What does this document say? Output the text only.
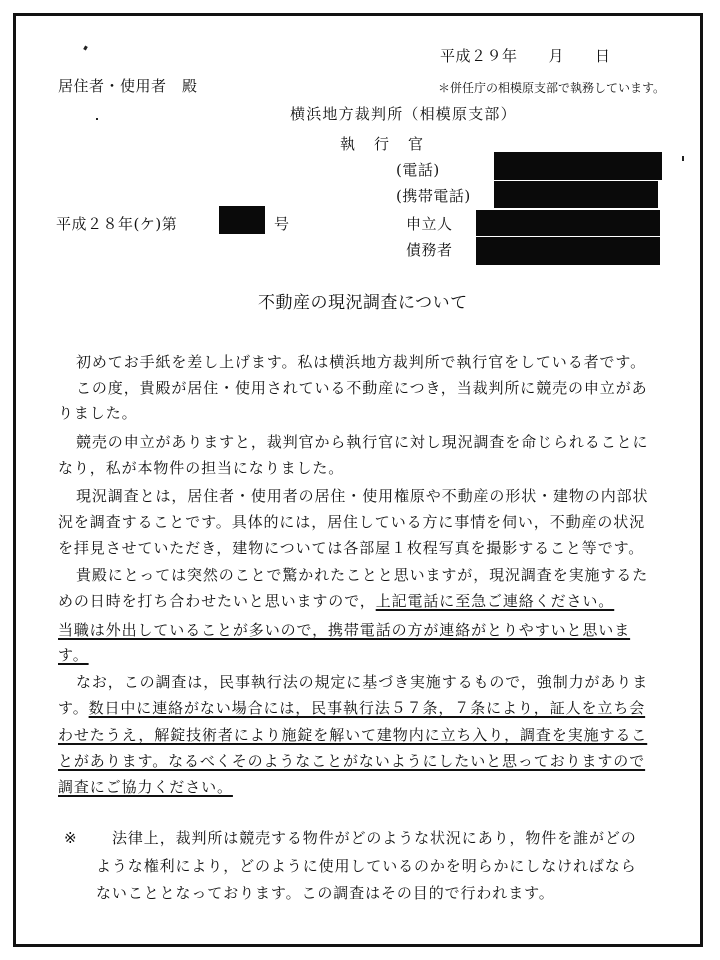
平成２９年　　月　　日
居住者・使用者　殿	＊併任庁の相模原支部で執務しています。
横浜地方裁判所（相模原支部）
執　行　官
(電話)
(携帯電話)
平成２８年(ケ)第	号	申立人
債務者
不動産の現況調査について
初めてお手紙を差し上げます。私は横浜地方裁判所で執行官をしている者です。
この度，貴殿が居住・使用されている不動産につき，当裁判所に競売の申立があ
りました。
競売の申立がありますと，裁判官から執行官に対し現況調査を命じられることに
なり，私が本物件の担当になりました。
現況調査とは，居住者・使用者の居住・使用権原や不動産の形状・建物の内部状
況を調査することです。具体的には，居住している方に事情を伺い，不動産の状況
を拝見させていただき，建物については各部屋１枚程写真を撮影すること等です。
貴殿にとっては突然のことで驚かれたことと思いますが，現況調査を実施するた
めの日時を打ち合わせたいと思いますので，上記電話に至急ご連絡ください。
当職は外出していることが多いので，携帯電話の方が連絡がとりやすいと思いま
す。
なお，この調査は，民事執行法の規定に基づき実施するもので，強制力がありま
す。数日中に連絡がない場合には，民事執行法５７条，７条により，証人を立ち会
わせたうえ，解錠技術者により施錠を解いて建物内に立ち入り，調査を実施するこ
とがあります。なるべくそのようなことがないようにしたいと思っておりますので
調査にご協力ください。
※ 法律上，裁判所は競売する物件がどのような状況にあり，物件を誰がどの
ような権利により，どのように使用しているのかを明らかにしなければなら
ないこととなっております。この調査はその目的で行われます。
